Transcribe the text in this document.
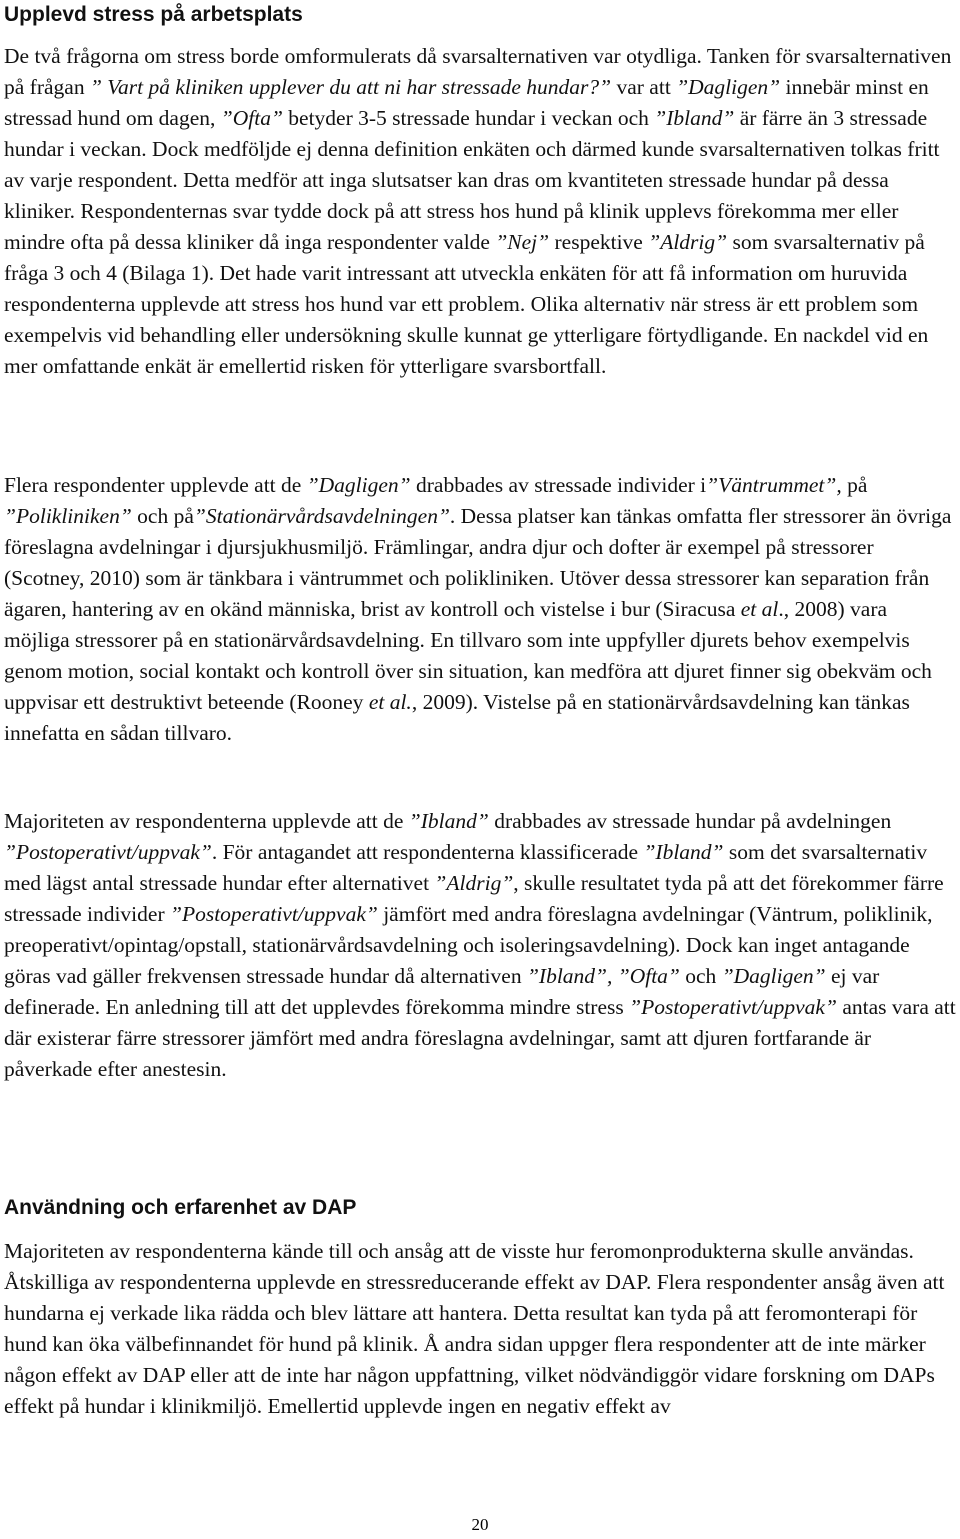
Upplevd stress på arbetsplats

De två frågorna om stress borde omformulerats då svarsalternativen var otydliga. Tanken för svarsalternativen på frågan ” Vart på kliniken upplever du att ni har stressade hundar?” var att ”Dagligen” innebär minst en stressad hund om dagen, ”Ofta” betyder 3-5 stressade hundar i veckan och ”Ibland” är färre än 3 stressade hundar i veckan. Dock medföljde ej denna definition enkäten och därmed kunde svarsalternativen tolkas fritt av varje respondent. Detta medför att inga slutsatser kan dras om kvantiteten stressade hundar på dessa kliniker. Respondenternas svar tydde dock på att stress hos hund på klinik upplevs förekomma mer eller mindre ofta på dessa kliniker då inga respondenter valde ”Nej” respektive ”Aldrig” som svarsalternativ på fråga 3 och 4 (Bilaga 1). Det hade varit intressant att utveckla enkäten för att få information om huruvida respondenterna upplevde att stress hos hund var ett problem. Olika alternativ när stress är ett problem som exempelvis vid behandling eller undersökning skulle kunnat ge ytterligare förtydligande. En nackdel vid en mer omfattande enkät är emellertid risken för ytterligare svarsbortfall.

Flera respondenter upplevde att de ”Dagligen” drabbades av stressade individer i”Väntrummet”, på ”Polikliniken” och på”Stationärvårdsavdelningen”. Dessa platser kan tänkas omfatta fler stressorer än övriga föreslagna avdelningar i djursjukhusmiljö. Främlingar, andra djur och dofter är exempel på stressorer (Scotney, 2010) som är tänkbara i väntrummet och polikliniken. Utöver dessa stressorer kan separation från ägaren, hantering av en okänd människa, brist av kontroll och vistelse i bur (Siracusa et al., 2008) vara möjliga stressorer på en stationärvårdsavdelning. En tillvaro som inte uppfyller djurets behov exempelvis genom motion, social kontakt och kontroll över sin situation, kan medföra att djuret finner sig obekväm och uppvisar ett destruktivt beteende (Rooney et al., 2009). Vistelse på en stationärvårdsavdelning kan tänkas innefatta en sådan tillvaro.

Majoriteten av respondenterna upplevde att de ”Ibland” drabbades av stressade hundar på avdelningen ”Postoperativt/uppvak”. För antagandet att respondenterna klassificerade ”Ibland” som det svarsalternativ med lägst antal stressade hundar efter alternativet ”Aldrig”, skulle resultatet tyda på att det förekommer färre stressade individer ”Postoperativt/uppvak” jämfört med andra föreslagna avdelningar (Väntrum, poliklinik, preoperativt/opintag/opstall, stationärvårdsavdelning och isoleringsavdelning). Dock kan inget antagande göras vad gäller frekvensen stressade hundar då alternativen ”Ibland”, ”Ofta” och ”Dagligen” ej var definerade. En anledning till att det upplevdes förekomma mindre stress ”Postoperativt/uppvak” antas vara att där existerar färre stressorer jämfört med andra föreslagna avdelningar, samt att djuren fortfarande är påverkade efter anestesin.

Användning och erfarenhet av DAP

Majoriteten av respondenterna kände till och ansåg att de visste hur feromonprodukterna skulle användas. Åtskilliga av respondenterna upplevde en stressreducerande effekt av DAP. Flera respondenter ansåg även att hundarna ej verkade lika rädda och blev lättare att hantera. Detta resultat kan tyda på att feromonterapi för hund kan öka välbefinnandet för hund på klinik. Å andra sidan uppger flera respondenter att de inte märker någon effekt av DAP eller att de inte har någon uppfattning, vilket nödvändiggör vidare forskning om DAPs effekt på hundar i klinikmiljö. Emellertid upplevde ingen en negativ effekt av

20
